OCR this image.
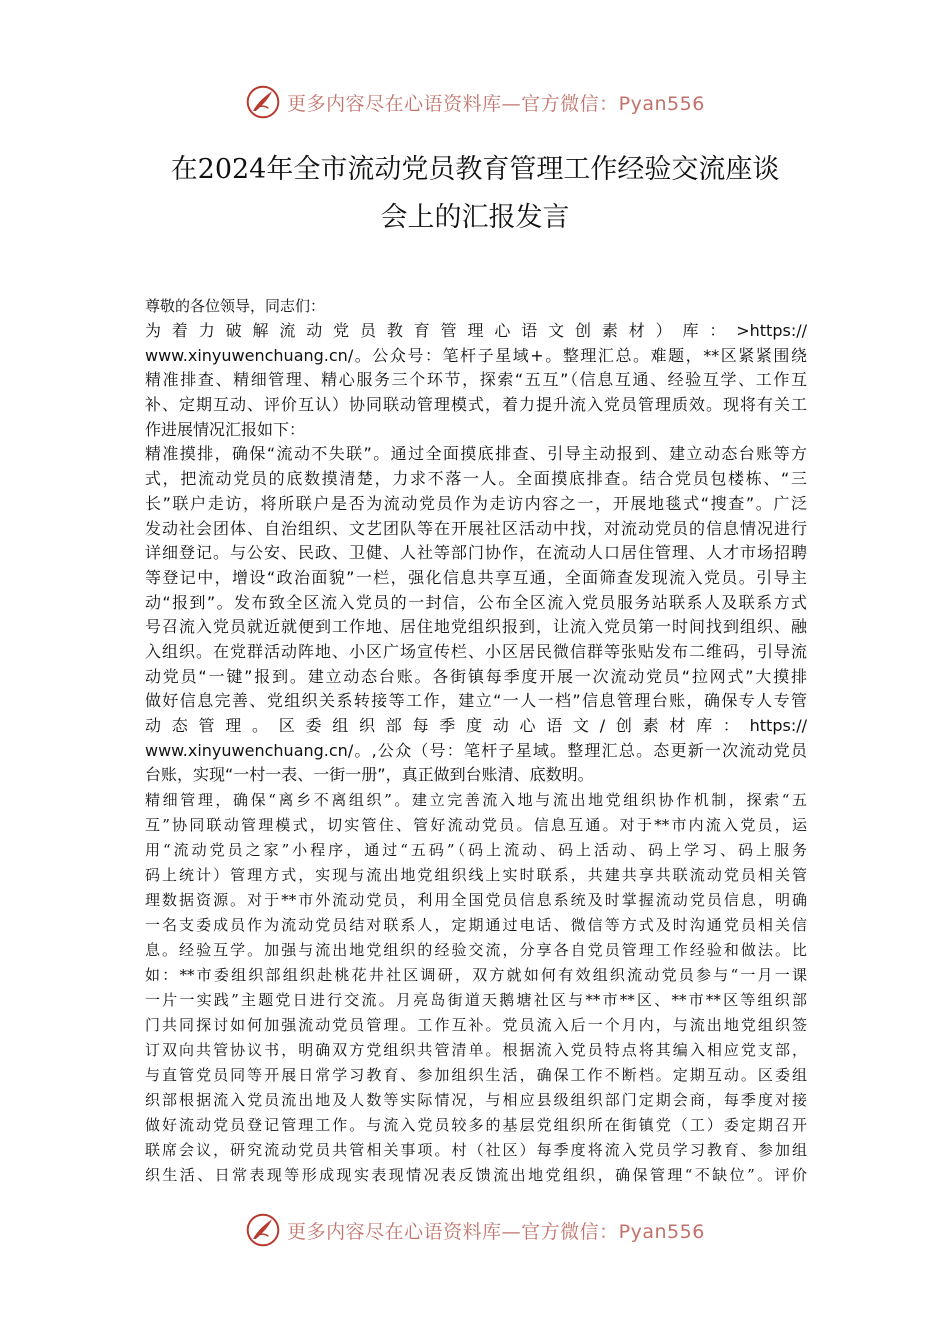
更多内容尽在心语资料库—官方微信：Pyan556
在2024年全市流动党员教育管理工作经验交流座谈
会上的汇报发言
尊敬的各位领导，同志们：
为着力破解流动党员教育管理心语文创素材）库：>https://
www.xinyuwenchuang.cn/。公众号：笔杆子星域+。整理汇总。难题，**区紧紧围绕
精准排查、精细管理、精心服务三个环节，探索“五互”（信息互通、经验互学、工作互
补、定期互动、评价互认）协同联动管理模式，着力提升流入党员管理质效。现将有关工
作进展情况汇报如下：
精准摸排，确保“流动不失联”。通过全面摸底排查、引导主动报到、建立动态台账等方
式，把流动党员的底数摸清楚，力求不落一人。全面摸底排查。结合党员包楼栋、“三
长”联户走访，将所联户是否为流动党员作为走访内容之一，开展地毯式“搜查”。广泛
发动社会团体、自治组织、文艺团队等在开展社区活动中找，对流动党员的信息情况进行
详细登记。与公安、民政、卫健、人社等部门协作，在流动人口居住管理、人才市场招聘
等登记中，增设“政治面貌”一栏，强化信息共享互通，全面筛查发现流入党员。引导主
动“报到”。发布致全区流入党员的一封信，公布全区流入党员服务站联系人及联系方式
号召流入党员就近就便到工作地、居住地党组织报到，让流入党员第一时间找到组织、融
入组织。在党群活动阵地、小区广场宣传栏、小区居民微信群等张贴发布二维码，引导流
动党员“一键”报到。建立动态台账。各街镇每季度开展一次流动党员“拉网式”大摸排
做好信息完善、党组织关系转接等工作，建立“一人一档”信息管理台账，确保专人专管
动态管理。区委组织部每季度动心语文/创素材库：https://
www.xinyuwenchuang.cn/。,公众（号：笔杆子星域。整理汇总。态更新一次流动党员
台账，实现“一村一表、一街一册”，真正做到台账清、底数明。
精细管理，确保“离乡不离组织”。建立完善流入地与流出地党组织协作机制，探索“五
互”协同联动管理模式，切实管住、管好流动党员。信息互通。对于**市内流入党员，运
用“流动党员之家”小程序，通过“五码”（码上流动、码上活动、码上学习、码上服务
码上统计）管理方式，实现与流出地党组织线上实时联系，共建共享共联流动党员相关管
理数据资源。对于**市外流动党员，利用全国党员信息系统及时掌握流动党员信息，明确
一名支委成员作为流动党员结对联系人，定期通过电话、微信等方式及时沟通党员相关信
息。经验互学。加强与流出地党组织的经验交流，分享各自党员管理工作经验和做法。比
如：**市委组织部组织赴桃花井社区调研，双方就如何有效组织流动党员参与“一月一课
一片一实践”主题党日进行交流。月亮岛街道天鹅塘社区与**市**区、**市**区等组织部
门共同探讨如何加强流动党员管理。工作互补。党员流入后一个月内，与流出地党组织签
订双向共管协议书，明确双方党组织共管清单。根据流入党员特点将其编入相应党支部，
与直管党员同等开展日常学习教育、参加组织生活，确保工作不断档。定期互动。区委组
织部根据流入党员流出地及人数等实际情况，与相应县级组织部门定期会商，每季度对接
做好流动党员登记管理工作。与流入党员较多的基层党组织所在街镇党（工）委定期召开
联席会议，研究流动党员共管相关事项。村（社区）每季度将流入党员学习教育、参加组
织生活、日常表现等形成现实表现情况表反馈流出地党组织，确保管理“不缺位”。评价
更多内容尽在心语资料库—官方微信：Pyan556
